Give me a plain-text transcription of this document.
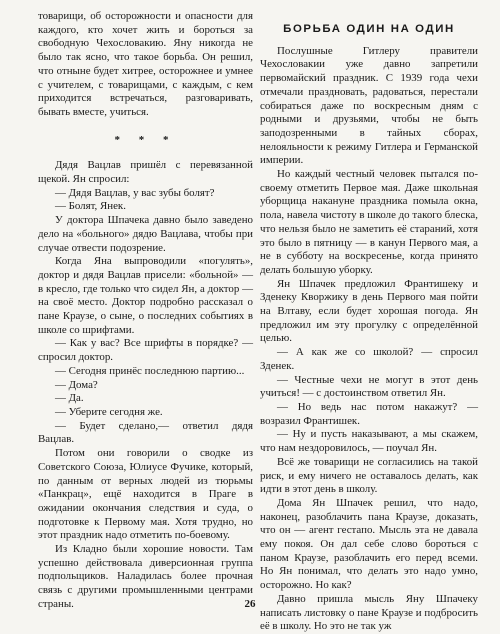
товарищи, об осторожности и опасности для каждого, кто хочет жить и бороться за свободную Чехословакию. Яну никогда не было так ясно, что такое борьба. Он решил, что отныне будет хитрее, осторожнее и умнее с учителем, с товарищами, с каждым, с кем приходится встречаться, разговаривать, бывать вместе, учиться.

* * *

Дядя Вацлав пришёл с перевязанной щекой. Ян спросил:

— Дядя Вацлав, у вас зубы болят?

— Болят, Янек.

У доктора Шпачека давно было заведено дело на «больного» дядю Вацлава, чтобы при случае отвести подозрение.

Когда Яна выпроводили «погулять», доктор и дядя Вацлав присели: «больной» — в кресло, где только что сидел Ян, а доктор — на своё место. Доктор подробно рассказал о пане Краузе, о сыне, о последних событиях в школе со шрифтами.

— Как у вас? Все шрифты в порядке? — спросил доктор.

— Сегодня принёс последнюю партию...

— Дома?

— Да.

— Уберите сегодня же.

— Будет сделано,— ответил дядя

Вацлав.

Потом они говорили о сводке из Советского Союза, Юлиусе Фучике, который, по данным от верных людей из тюрьмы «Панкрац», ещё находится в Праге в ожидании окончания следствия и суда, о подготовке к Первому мая. Хотя трудно, но этот праздник надо отметить по-боевому.

Из Кладно были хорошие новости. Там успешно действовала диверсионная группа подпольщиков. Наладилась более прочная связь с другими промышленными центрами страны.

БОРЬБА ОДИН НА ОДИН

Послушные Гитлеру правители Чехословакии уже давно запретили первомайский праздник. С 1939 года чехи отмечали праздновать, радоваться, перестали собираться даже по воскресным дням с родными и друзьями, чтобы не быть заподозренными в тайных сборах, нелояльности к режиму Гитлера и Германской империи.

Но каждый честный человек пытался по-своему отметить Первое мая. Даже школьная уборщица накануне праздника помыла окна, пола, навела чистоту в школе до такого блеска, что нельзя было не заметить её стараний, хотя это было в пятницу — в канун Первого мая, а не в субботу на воскресенье, когда принято делать большую уборку.

Ян Шпачек предложил Франтишеку и Зденеку Кворжику в день Первого мая пойти на Влтаву, если будет хорошая погода. Ян предложил им эту прогулку с определённой целью.

— А как же со школой? — спросил Зденек.

— Честные чехи не могут в этот день учиться! — с достоинством ответил Ян.

— Но ведь нас потом накажут? — возразил Франтишек.

— Ну и пусть наказывают, а мы скажем, что нам нездоровилось, — поучал Ян.

Всё же товарищи не согласились на такой риск, и ему ничего не оставалось делать, как идти в этот день в школу.

Дома Ян Шпачек решил, что надо, наконец, разоблачить пана Краузе, доказать, что он — агент гестапо. Мысль эта не давала ему покоя. Он дал себе слово бороться с паном Краузе, разоблачить его перед всеми. Но Ян понимал, что делать это надо умно, осторожно. Но как?

Давно пришла мысль Яну Шпачеку написать листовку о пане Краузе и подбросить её в школу. Но это не так уж

26
